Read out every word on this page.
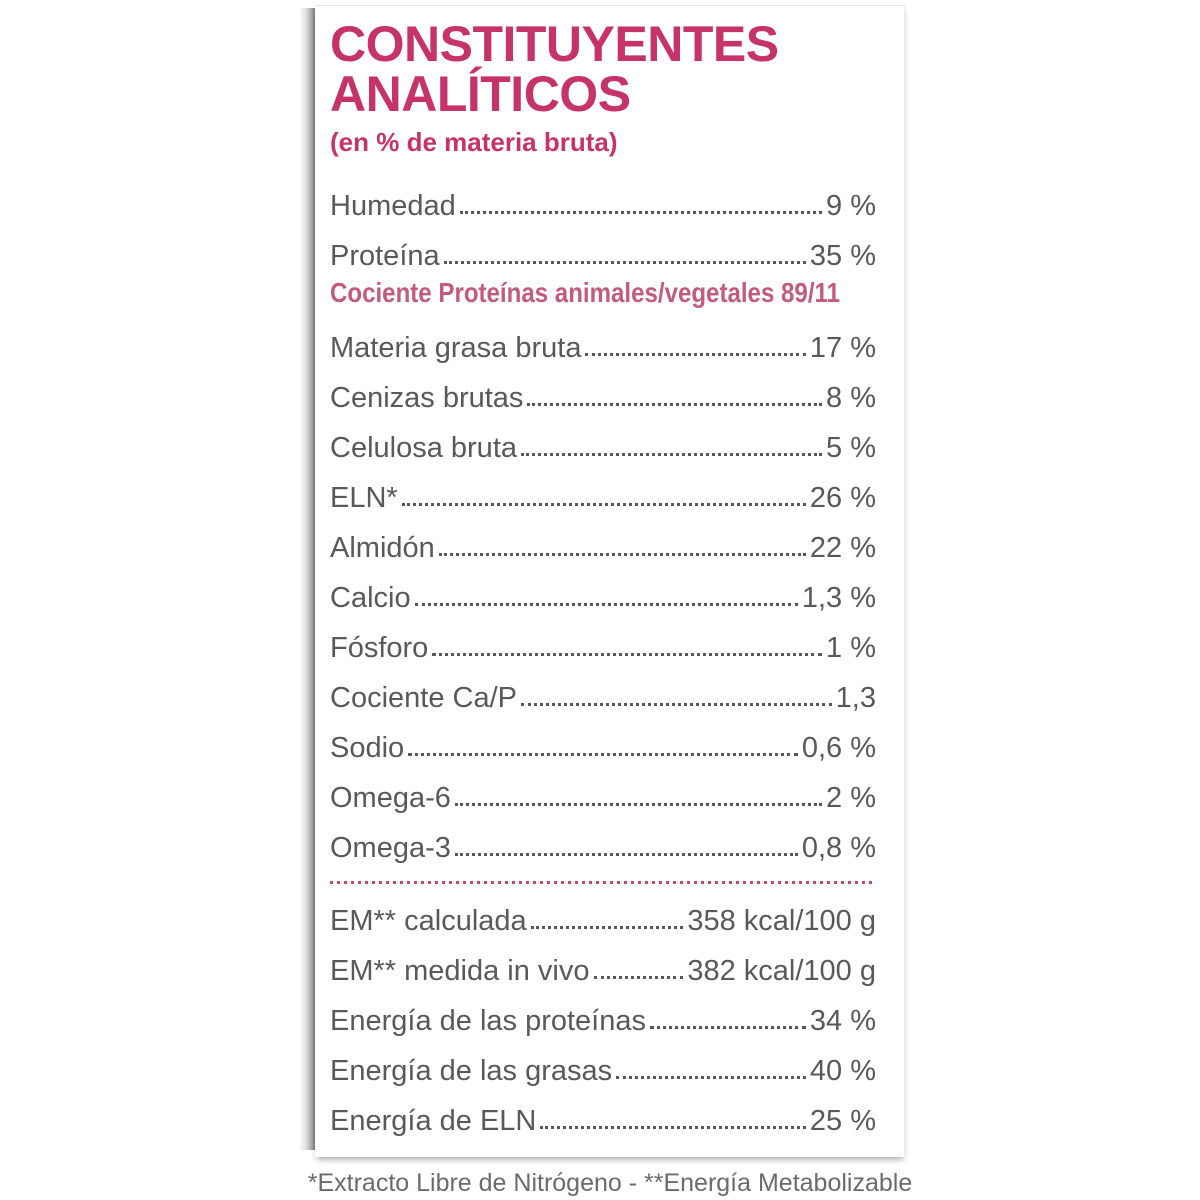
CONSTITUYENTES
ANALÍTICOS
(en % de materia bruta)
Humedad	9 %
Proteína	35 %
Cociente Proteínas animales/vegetales 89/11
Materia grasa bruta	17 %
Cenizas brutas	8 %
Celulosa bruta	5 %
ELN*	26 %
Almidón	22 %
Calcio	1,3 %
Fósforo	1 %
Cociente Ca/P	1,3
Sodio	0,6 %
Omega-6	2 %
Omega-3	0,8 %
EM** calculada	358 kcal/100 g
EM** medida in vivo	382 kcal/100 g
Energía de las proteínas	34 %
Energía de las grasas	40 %
Energía de ELN	25 %
*Extracto Libre de Nitrógeno - **Energía Metabolizable
